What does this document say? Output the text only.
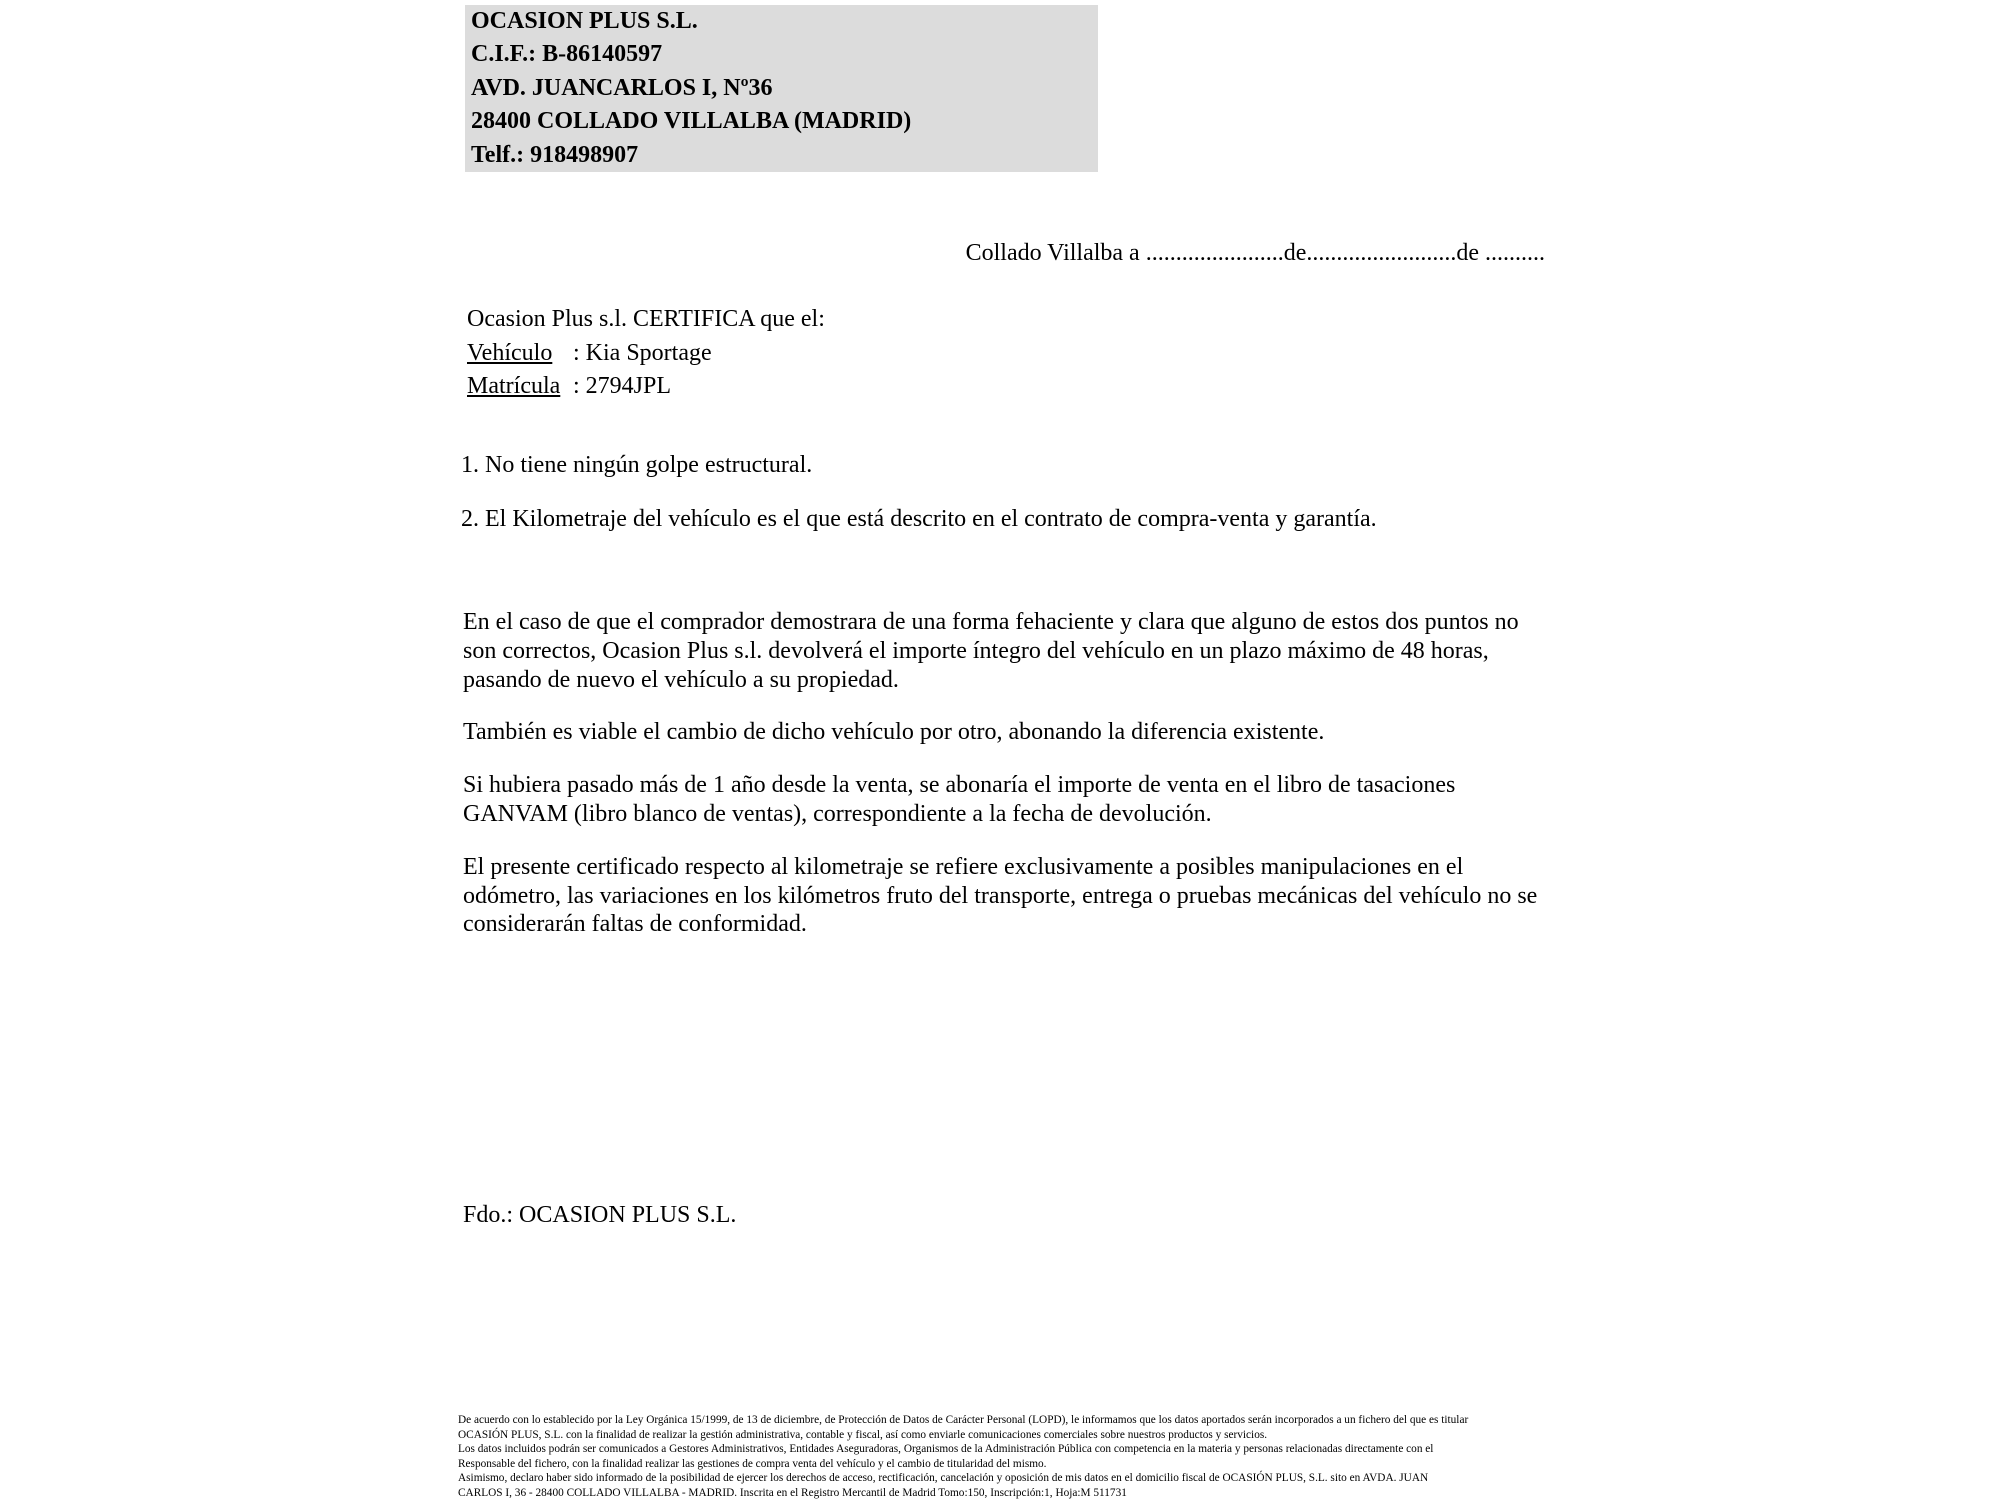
OCASION PLUS S.L.
C.I.F.: B-86140597
AVD. JUANCARLOS I, Nº36
28400 COLLADO VILLALBA (MADRID)
Telf.: 918498907
Collado Villalba a .......................de.........................de ..........
Ocasion Plus s.l. CERTIFICA que el:
Vehículo : Kia Sportage
Matrícula : 2794JPL
1. No tiene ningún golpe estructural.
2. El Kilometraje del vehículo es el que está descrito en el contrato de compra-venta y garantía.

En el caso de que el comprador demostrara de una forma fehaciente y clara que alguno de estos dos puntos no son correctos, Ocasion Plus s.l. devolverá el importe íntegro del vehículo en un plazo máximo de 48 horas, pasando de nuevo el vehículo a su propiedad.

También es viable el cambio de dicho vehículo por otro, abonando la diferencia existente.

Si hubiera pasado más de 1 año desde la venta, se abonaría el importe de venta en el libro de tasaciones GANVAM (libro blanco de ventas), correspondiente a la fecha de devolución.

El presente certificado respecto al kilometraje se refiere exclusivamente a posibles manipulaciones en el odómetro, las variaciones en los kilómetros fruto del transporte, entrega o pruebas mecánicas del vehículo no se considerarán faltas de conformidad.

Fdo.: OCASION PLUS S.L.
De acuerdo con lo establecido por la Ley Orgánica 15/1999, de 13 de diciembre, de Protección de Datos de Carácter Personal (LOPD), le informamos que los datos aportados serán incorporados a un fichero del que es titular
OCASIÓN PLUS, S.L. con la finalidad de realizar la gestión administrativa, contable y fiscal, así como enviarle comunicaciones comerciales sobre nuestros productos y servicios.
Los datos incluidos podrán ser comunicados a Gestores Administrativos, Entidades Aseguradoras, Organismos de la Administración Pública con competencia en la materia y personas relacionadas directamente con el
Responsable del fichero, con la finalidad realizar las gestiones de compra venta del vehículo y el cambio de titularidad del mismo.
Asimismo, declaro haber sido informado de la posibilidad de ejercer los derechos de acceso, rectificación, cancelación y oposición de mis datos en el domicilio fiscal de OCASIÓN PLUS, S.L. sito en AVDA. JUAN
CARLOS I, 36 - 28400 COLLADO VILLALBA - MADRID. Inscrita en el Registro Mercantil de Madrid Tomo:150, Inscripción:1, Hoja:M 511731
